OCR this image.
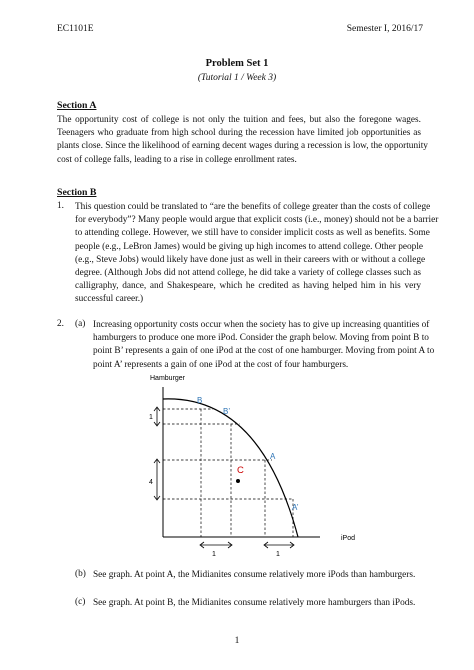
EC1101E	Semester I, 2016/17
Problem Set 1
(Tutorial 1 / Week 3)
Section A
The opportunity cost of college is not only the tuition and fees, but also the foregone wages.
Teenagers who graduate from high school during the recession have limited job opportunities as
plants close. Since the likelihood of earning decent wages during a recession is low, the opportunity
cost of college falls, leading to a rise in college enrollment rates.
Section B
1. This question could be translated to “are the benefits of college greater than the costs of college
for everybody”? Many people would argue that explicit costs (i.e., money) should not be a barrier
to attending college. However, we still have to consider implicit costs as well as benefits. Some
people (e.g., LeBron James) would be giving up high incomes to attend college. Other people
(e.g., Steve Jobs) would likely have done just as well in their careers with or without a college
degree. (Although Jobs did not attend college, he did take a variety of college classes such as
calligraphy, dance, and Shakespeare, which he credited as having helped him in his very
successful career.)
2. (a) Increasing opportunity costs occur when the society has to give up increasing quantities of
hamburgers to produce one more iPod. Consider the graph below. Moving from point B to
point B’ represents a gain of one iPod at the cost of one hamburger. Moving from point A to
point A’ represents a gain of one iPod at the cost of four hamburgers.
Hamburger
iPod
B
B’
A
A’
C
1
4
1	1
(b) See graph. At point A, the Midianites consume relatively more iPods than hamburgers.
(c) See graph. At point B, the Midianites consume relatively more hamburgers than iPods.
1
